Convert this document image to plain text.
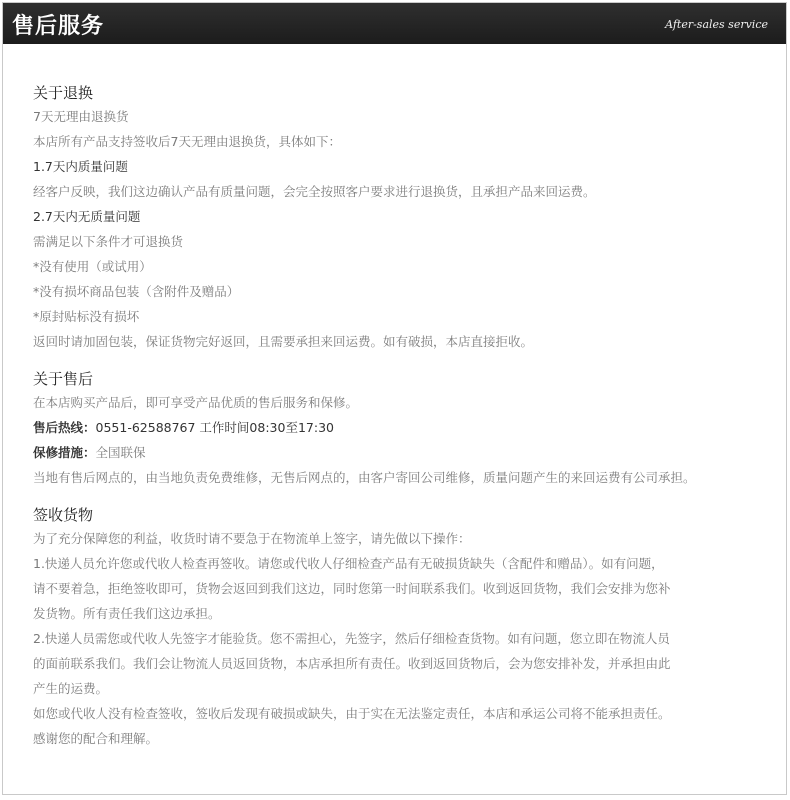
售后服务	After-sales service
关于退换
7天无理由退换货
本店所有产品支持签收后7天无理由退换货，具体如下：
1.7天内质量问题
经客户反映，我们这边确认产品有质量问题，会完全按照客户要求进行退换货，且承担产品来回运费。
2.7天内无质量问题
需满足以下条件才可退换货
*没有使用（或试用）
*没有损坏商品包装（含附件及赠品）
*原封贴标没有损坏
返回时请加固包装，保证货物完好返回，且需要承担来回运费。如有破损，本店直接拒收。
关于售后
在本店购买产品后，即可享受产品优质的售后服务和保修。
售后热线：0551-62588767 工作时间08:30至17:30
保修措施：全国联保
当地有售后网点的，由当地负责免费维修，无售后网点的，由客户寄回公司维修，质量问题产生的来回运费有公司承担。
签收货物
为了充分保障您的利益，收货时请不要急于在物流单上签字，请先做以下操作：
1.快递人员允许您或代收人检查再签收。请您或代收人仔细检查产品有无破损货缺失（含配件和赠品）。如有问题，
请不要着急，拒绝签收即可，货物会返回到我们这边，同时您第一时间联系我们。收到返回货物，我们会安排为您补
发货物。所有责任我们这边承担。
2.快递人员需您或代收人先签字才能验货。您不需担心，先签字，然后仔细检查货物。如有问题，您立即在物流人员
的面前联系我们。我们会让物流人员返回货物，本店承担所有责任。收到返回货物后，会为您安排补发，并承担由此
产生的运费。
如您或代收人没有检查签收，签收后发现有破损或缺失，由于实在无法鉴定责任，本店和承运公司将不能承担责任。
感谢您的配合和理解。
